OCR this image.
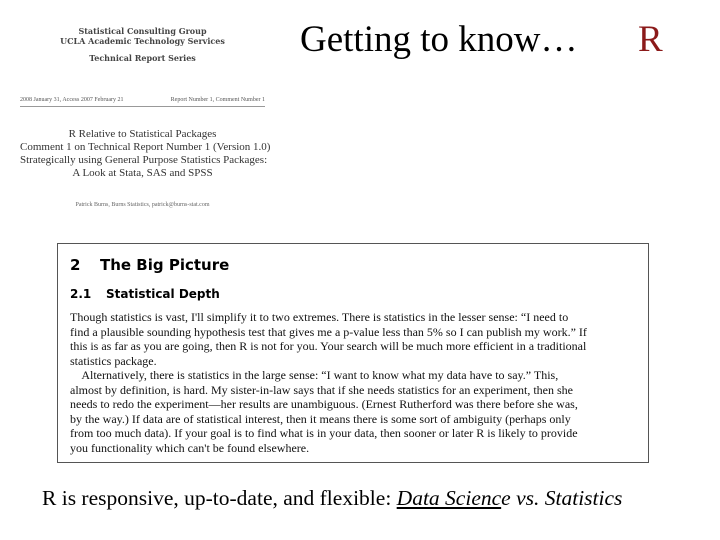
Getting to know… R
Statistical Consulting Group
UCLA Academic Technology Services
Technical Report Series
2008 January 31, Access 2007 February 21	Report Number 1, Comment Number 1
R Relative to Statistical Packages
Comment 1 on Technical Report Number 1 (Version 1.0)
Strategically using General Purpose Statistics Packages:
A Look at Stata, SAS and SPSS
Patrick Burns, Burns Statistics, patrick@burns-stat.com
2 The Big Picture
2.1 Statistical Depth
Though statistics is vast, I'll simplify it to two extremes. There is statistics in the lesser sense: “I need to
find a plausible sounding hypothesis test that gives me a p-value less than 5% so I can publish my work.” If
this is as far as you are going, then R is not for you. Your search will be much more efficient in a traditional
statistics package.
Alternatively, there is statistics in the large sense: “I want to know what my data have to say.” This,
almost by definition, is hard. My sister-in-law says that if she needs statistics for an experiment, then she
needs to redo the experiment—her results are unambiguous. (Ernest Rutherford was there before she was,
by the way.) If data are of statistical interest, then it means there is some sort of ambiguity (perhaps only
from too much data). If your goal is to find what is in your data, then sooner or later R is likely to provide
you functionality which can't be found elsewhere.
R is responsive, up-to-date, and flexible: Data Science vs. Statistics
